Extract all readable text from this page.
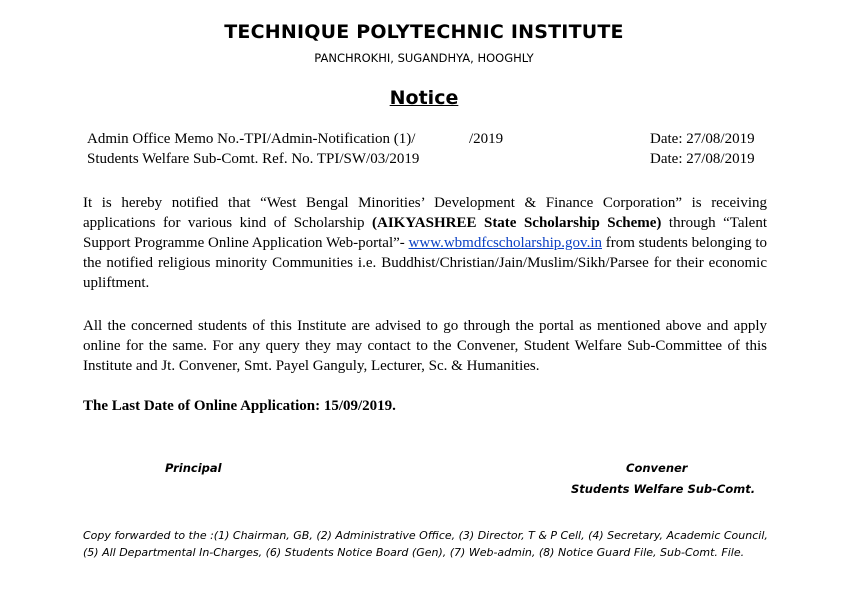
TECHNIQUE POLYTECHNIC INSTITUTE
PANCHROKHI, SUGANDHYA, HOOGHLY
Notice
Admin Office Memo No.-TPI/Admin-Notification (1)/	/2019	Date: 27/08/2019
Students Welfare Sub-Comt. Ref. No. TPI/SW/03/2019	Date: 27/08/2019
It is hereby notified that “West Bengal Minorities’ Development & Finance Corporation” is receiving applications for various kind of Scholarship (AIKYASHREE State Scholarship Scheme) through “Talent Support Programme Online Application Web-portal”- www.wbmdfcscholarship.gov.in from students belonging to the notified religious minority Communities i.e. Buddhist/Christian/Jain/Muslim/Sikh/Parsee for their economic upliftment.
All the concerned students of this Institute are advised to go through the portal as mentioned above and apply online for the same. For any query they may contact to the Convener, Student Welfare Sub-Committee of this Institute and Jt. Convener, Smt. Payel Ganguly, Lecturer, Sc. & Humanities.
The Last Date of Online Application: 15/09/2019.
Principal	Convener
Students Welfare Sub-Comt.
Copy forwarded to the :(1) Chairman, GB, (2) Administrative Office, (3) Director, T & P Cell, (4) Secretary, Academic Council, (5) All Departmental In-Charges, (6) Students Notice Board (Gen), (7) Web-admin, (8) Notice Guard File, Sub-Comt. File.
